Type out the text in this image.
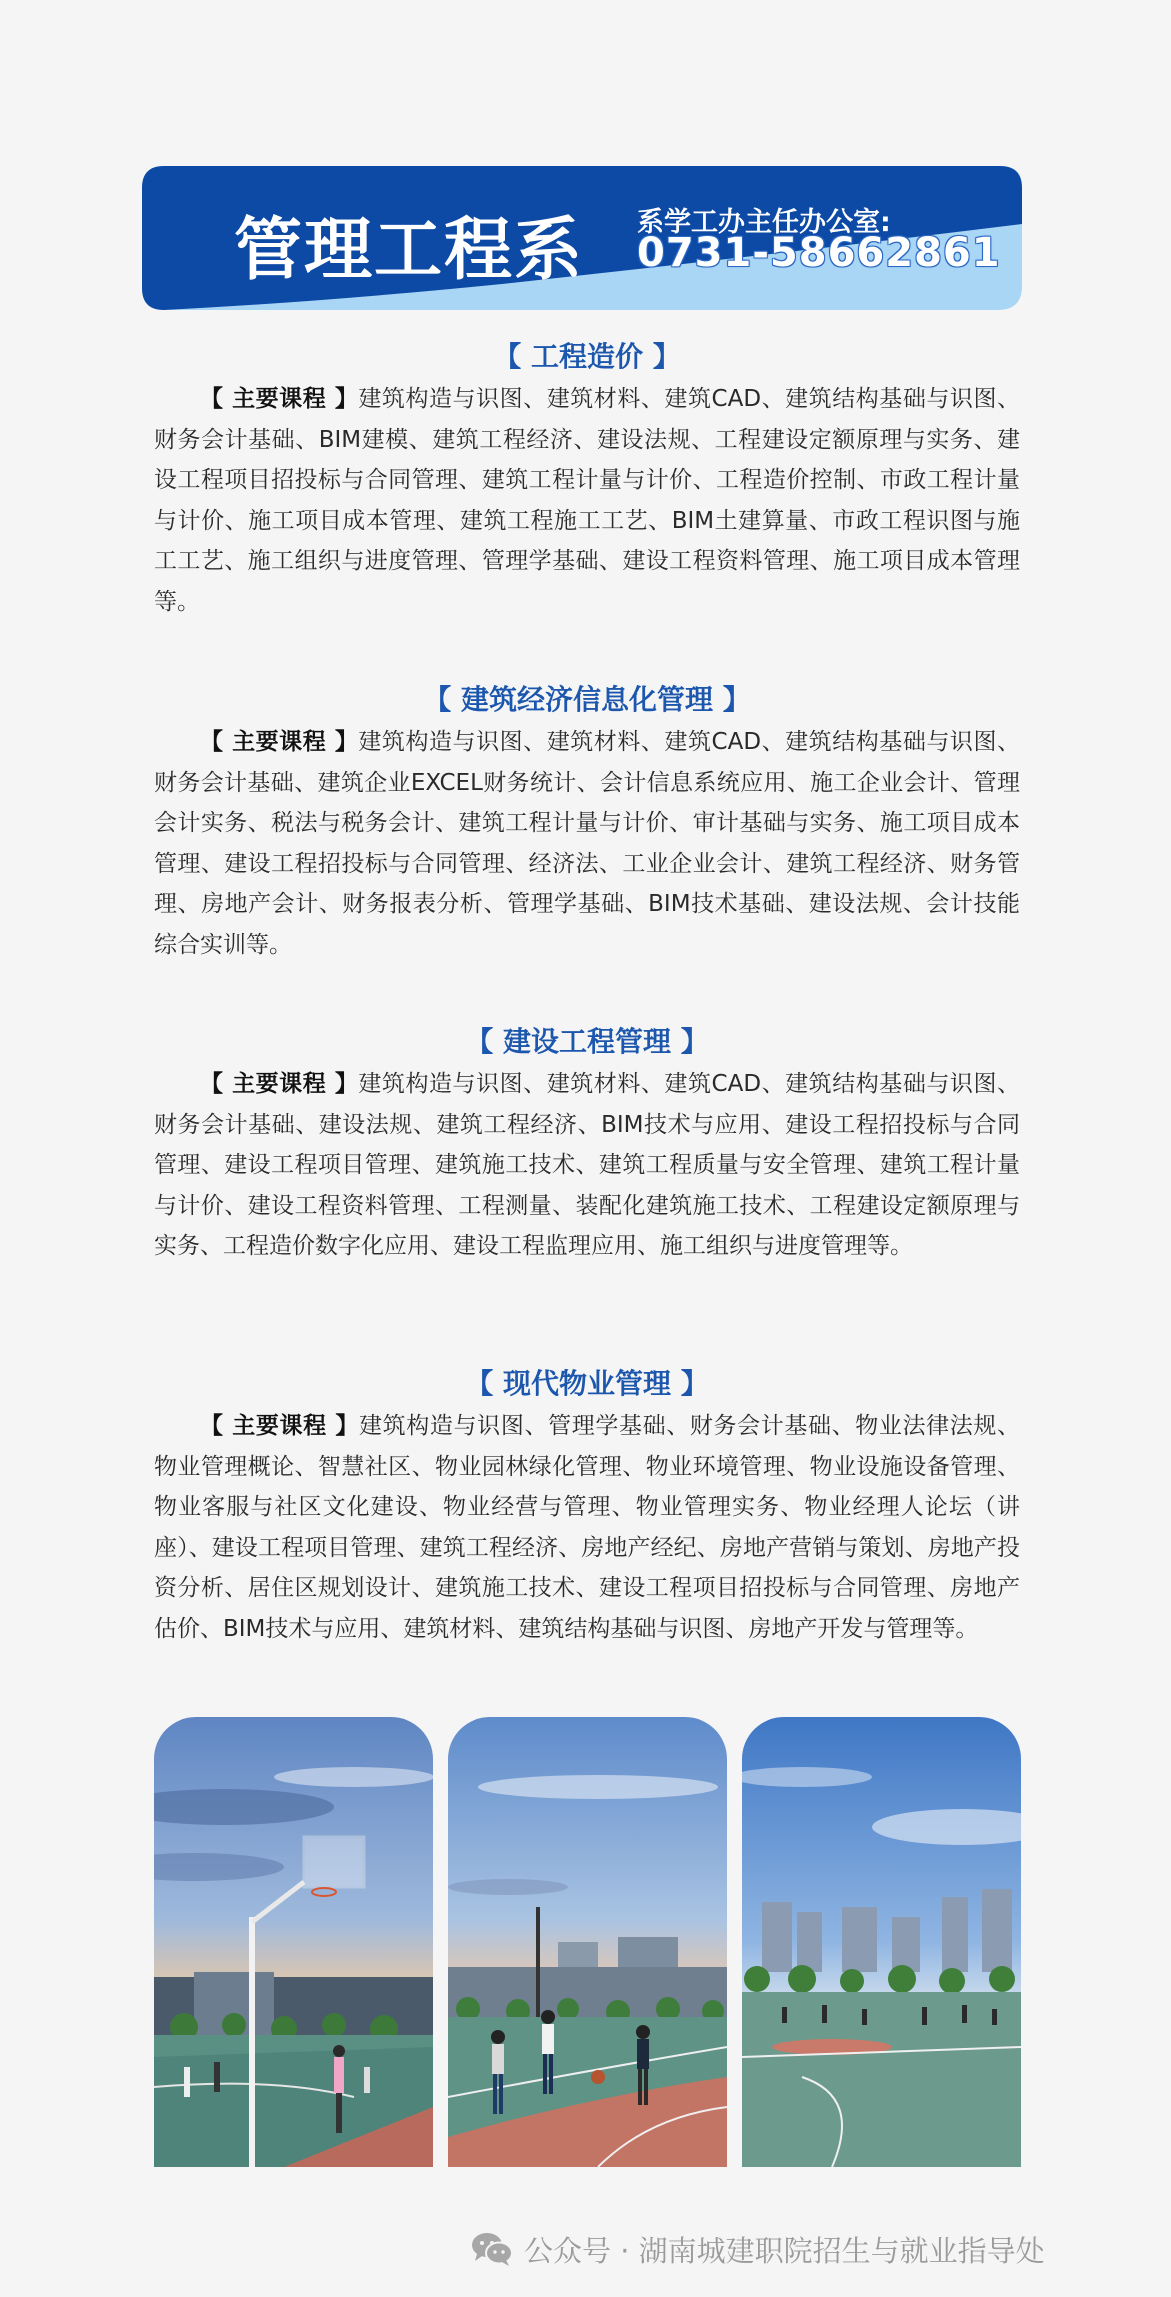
管理工程系 系学工办主任办公室:
0731-58662861
【 工程造价 】

【 主要课程 】建筑构造与识图、建筑材料、建筑CAD、建筑结构基础与识图、财务会计基础、BIM建模、建筑工程经济、建设法规、工程建设定额原理与实务、建设工程项目招投标与合同管理、建筑工程计量与计价、工程造价控制、市政工程计量与计价、施工项目成本管理、建筑工程施工工艺、BIM土建算量、市政工程识图与施工工艺、施工组织与进度管理、管理学基础、建设工程资料管理、施工项目成本管理等。

【 建筑经济信息化管理 】

【 主要课程 】建筑构造与识图、建筑材料、建筑CAD、建筑结构基础与识图、财务会计基础、建筑企业EXCEL财务统计、会计信息系统应用、施工企业会计、管理会计实务、税法与税务会计、建筑工程计量与计价、审计基础与实务、施工项目成本管理、建设工程招投标与合同管理、经济法、工业企业会计、建筑工程经济、财务管理、房地产会计、财务报表分析、管理学基础、BIM技术基础、建设法规、会计技能综合实训等。

【 建设工程管理 】

【 主要课程 】建筑构造与识图、建筑材料、建筑CAD、建筑结构基础与识图、财务会计基础、建设法规、建筑工程经济、BIM技术与应用、建设工程招投标与合同管理、建设工程项目管理、建筑施工技术、建筑工程质量与安全管理、建筑工程计量与计价、建设工程资料管理、工程测量、装配化建筑施工技术、工程建设定额原理与实务、工程造价数字化应用、建设工程监理应用、施工组织与进度管理等。

【 现代物业管理 】

【 主要课程 】建筑构造与识图、管理学基础、财务会计基础、物业法律法规、物业管理概论、智慧社区、物业园林绿化管理、物业环境管理、物业设施设备管理、物业客服与社区文化建设、物业经营与管理、物业管理实务、物业经理人论坛（讲座）、建设工程项目管理、建筑工程经济、房地产经纪、房地产营销与策划、房地产投资分析、居住区规划设计、建筑施工技术、建设工程项目招投标与合同管理、房地产估价、BIM技术与应用、建筑材料、建筑结构基础与识图、房地产开发与管理等。

公众号 · 湖南城建职院招生与就业指导处
